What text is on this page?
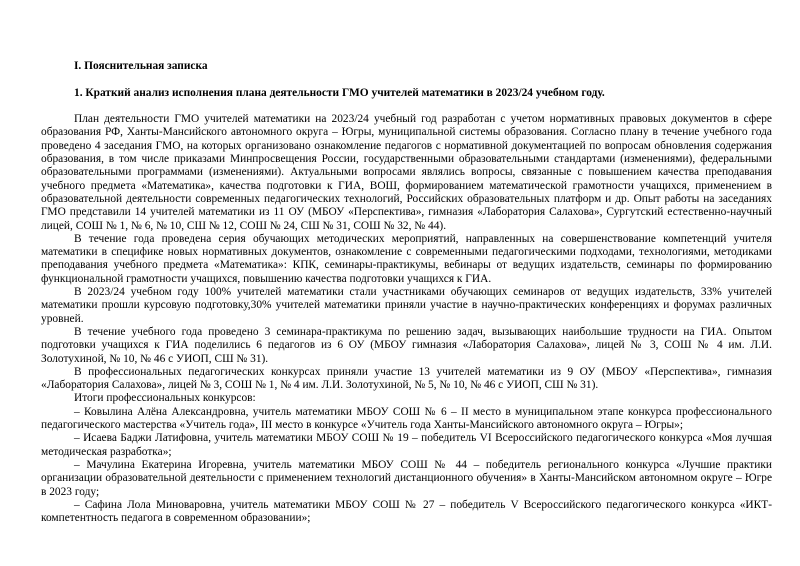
I. Пояснительная записка

1. Краткий анализ исполнения плана деятельности ГМО учителей математики в 2023/24 учебном году.

План деятельности ГМО учителей математики на 2023/24 учебный год разработан с учетом нормативных правовых документов в сфере образования РФ, Ханты-Мансийского автономного округа – Югры, муниципальной системы образования. Согласно плану в течение учебного года проведено 4 заседания ГМО, на которых организовано ознакомление педагогов с нормативной документацией по вопросам обновления содержания образования, в том числе приказами Минпросвещения России, государственными образовательными стандартами (изменениями), федеральными образовательными программами (изменениями). Актуальными вопросами являлись вопросы, связанные с повышением качества преподавания учебного предмета «Математика», качества подготовки к ГИА, ВОШ, формированием математической грамотности учащихся, применением в образовательной деятельности современных педагогических технологий, Российских образовательных платформ и др. Опыт работы на заседаниях ГМО представили 14 учителей математики из 11 ОУ (МБОУ «Перспектива», гимназия «Лаборатория Салахова», Сургутский естественно-научный лицей, СОШ № 1, № 6, № 10, СШ № 12, СОШ № 24, СШ № 31, СОШ № 32, № 44).

В течение года проведена серия обучающих методических мероприятий, направленных на совершенствование компетенций учителя математики в специфике новых нормативных документов, ознакомление с современными педагогическими подходами, технологиями, методиками преподавания учебного предмета «Математика»: КПК, семинары-практикумы, вебинары от ведущих издательств, семинары по формированию функциональной грамотности учащихся, повышению качества подготовки учащихся к ГИА.

В 2023/24 учебном году 100% учителей математики стали участниками обучающих семинаров от ведущих издательств, 33% учителей математики прошли курсовую подготовку,30% учителей математики приняли участие в научно-практических конференциях и форумах различных уровней.

В течение учебного года проведено 3 семинара-практикума по решению задач, вызывающих наибольшие трудности на ГИА. Опытом подготовки учащихся к ГИА поделились 6 педагогов из 6 ОУ (МБОУ гимназия «Лаборатория Салахова», лицей № 3, СОШ № 4 им. Л.И. Золотухиной, № 10, № 46 с УИОП, СШ № 31).

В профессиональных педагогических конкурсах приняли участие 13 учителей математики из 9 ОУ (МБОУ «Перспектива», гимназия «Лаборатория Салахова», лицей № 3, СОШ № 1, № 4 им. Л.И. Золотухиной, № 5, № 10, № 46 с УИОП, СШ № 31).

Итоги профессиональных конкурсов:

– Ковылина Алёна Александровна, учитель математики МБОУ СОШ № 6 – II место в муниципальном этапе конкурса профессионального педагогического мастерства «Учитель года», III место в конкурсе «Учитель года Ханты-Мансийского автономного округа – Югры»;

– Исаева Баджи Латифовна, учитель математики МБОУ СОШ № 19 – победитель VI Всероссийского педагогического конкурса «Моя лучшая методическая разработка»;

– Мачулина Екатерина Игоревна, учитель математики МБОУ СОШ № 44 – победитель регионального конкурса «Лучшие практики организации образовательной деятельности с применением технологий дистанционного обучения» в Ханты-Мансийском автономном округе – Югре в 2023 году;

– Сафина Лола Миноваровна, учитель математики МБОУ СОШ № 27 – победитель V Всероссийского педагогического конкурса «ИКТ-компетентность педагога в современном образовании»;
